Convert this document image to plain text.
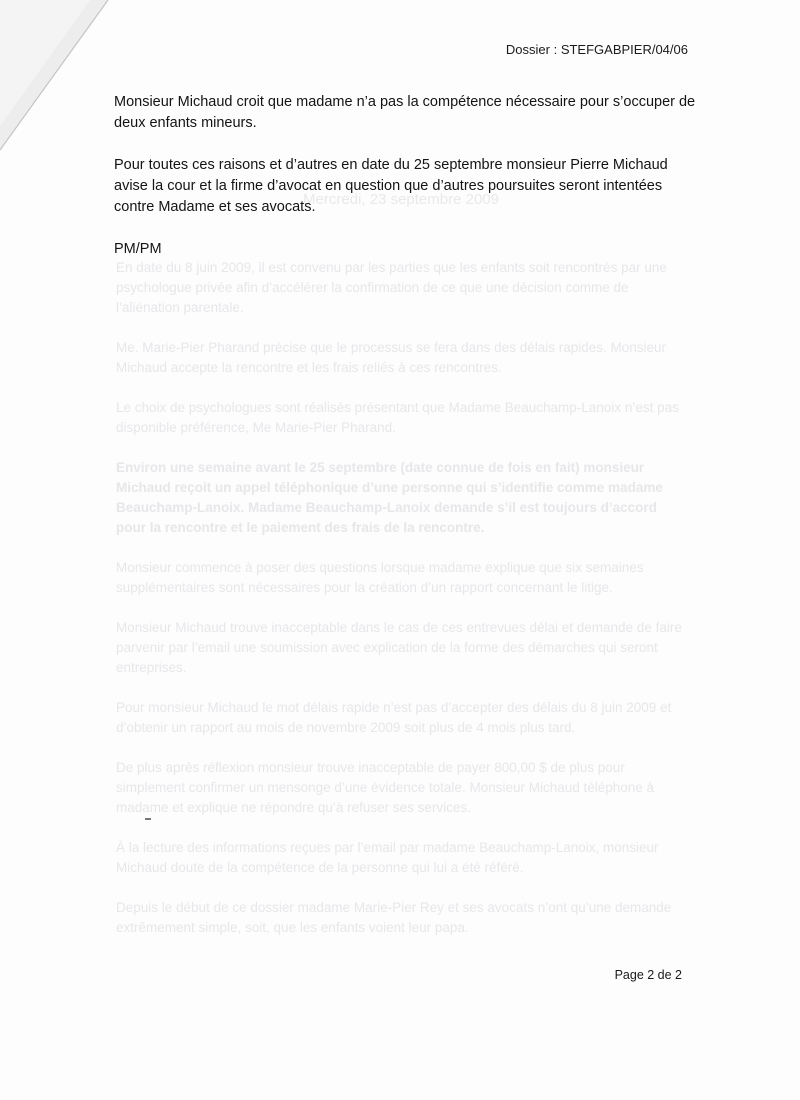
Mercredi, 23 septembre 2009

En date du 8 juin 2009, il est convenu par les parties que les enfants soit rencontrés par une psychologue privée afin d’accélérer la confirmation de ce que une décision comme de l’aliénation parentale.

Me. Marie-Pier Pharand précise que le processus se fera dans des délais rapides. Monsieur Michaud accepte la rencontre et les frais reliés à ces rencontres.

Le choix de psychologues sont réalisés présentant que Madame Beauchamp-Lanoix n’est pas disponible préférence, Me Marie-Pier Pharand.

Environ une semaine avant le 25 septembre (date connue de fois en fait) monsieur Michaud reçoit un appel téléphonique d’une personne qui s’identifie comme madame Beauchamp-Lanoix. Madame Beauchamp-Lanoix demande s’il est toujours d’accord pour la rencontre et le paiement des frais de la rencontre.

Monsieur commence à poser des questions lorsque madame explique que six semaines supplémentaires sont nécessaires pour la création d’un rapport concernant le litige.

Monsieur Michaud trouve inacceptable dans le cas de ces entrevues délai et demande de faire parvenir par l’email une soumission avec explication de la forme des démarches qui seront entreprises.

Pour monsieur Michaud le mot délais rapide n’est pas d’accepter des délais du 8 juin 2009 et d’obtenir un rapport au mois de novembre 2009 soit plus de 4 mois plus tard.

De plus après réflexion monsieur trouve inacceptable de payer 800,00 $ de plus pour simplement confirmer un mensonge d’une évidence totale. Monsieur Michaud téléphone à madame et explique ne répondre qu’à refuser ses services.

À la lecture des informations reçues par l’email par madame Beauchamp-Lanoix, monsieur Michaud doute de la compétence de la personne qui lui a été référé.

Depuis le début de ce dossier madame Marie-Pier Rey et ses avocats n’ont qu’une demande extrêmement simple, soit, que les enfants voient leur papa.

Dossier : STEFGABPIER/04/06

Monsieur Michaud croit que madame n’a pas la compétence nécessaire pour s’occuper de deux enfants mineurs.

Pour toutes ces raisons et d’autres en date du 25 septembre monsieur Pierre Michaud avise la cour et la firme d’avocat en question que d’autres poursuites seront intentées contre Madame et ses avocats.

PM/PM

Page 2 de 2
